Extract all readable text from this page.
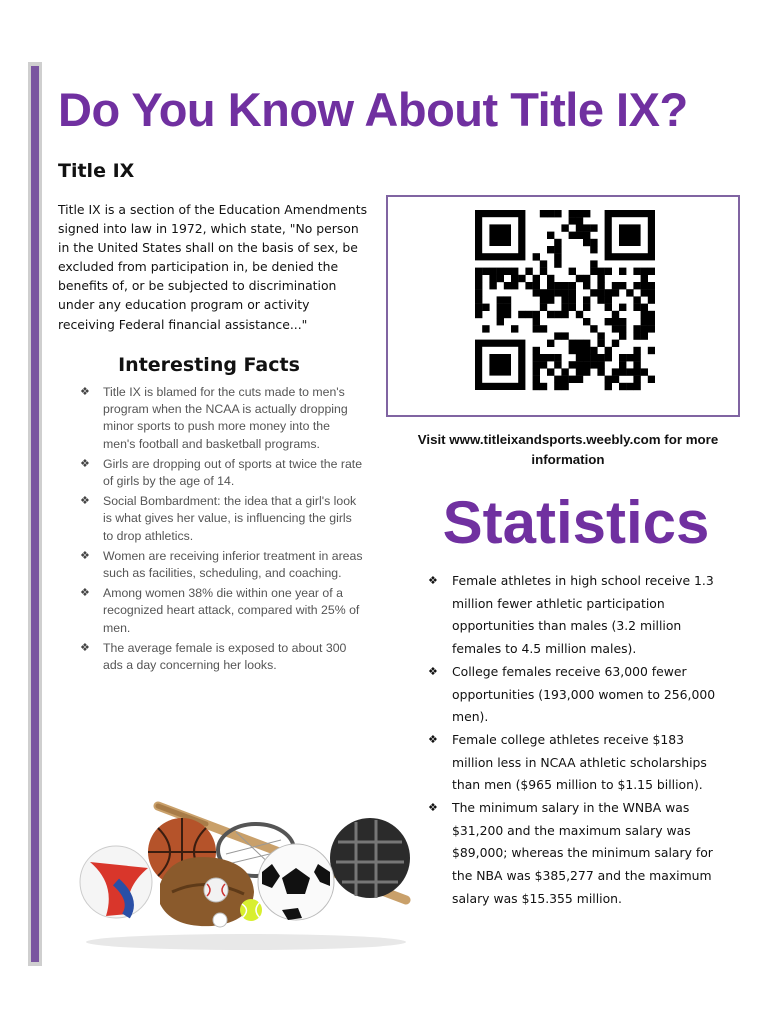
Do You Know About Title IX?
Title IX

Title IX is a section of the Education Amendments signed into law in 1972, which state, "No person in the United States shall on the basis of sex, be excluded from participation in, be denied the benefits of, or be subjected to discrimination under any education program or activity receiving Federal financial assistance..."

Interesting Facts
❖ Title IX is blamed for the cuts made to men's program when the NCAA is actually dropping minor sports to push more money into the men's football and basketball programs.
❖ Girls are dropping out of sports at twice the rate of girls by the age of 14.
❖ Social Bombardment: the idea that a girl's look is what gives her value, is influencing the girls to drop athletics.
❖ Women are receiving inferior treatment in areas such as facilities, scheduling, and coaching.
❖ Among women 38% die within one year of a recognized heart attack, compared with 25% of men.
❖ The average female is exposed to about 300 ads a day concerning her looks.

Visit www.titleixandsports.weebly.com for more information

Statistics
❖ Female athletes in high school receive 1.3 million fewer athletic participation opportunities than males (3.2 million females to 4.5 million males).
❖ College females receive 63,000 fewer opportunities (193,000 women to 256,000 men).
❖ Female college athletes receive $183 million less in NCAA athletic scholarships than men ($965 million to $1.15 billion).
❖ The minimum salary in the WNBA was $31,200 and the maximum salary was $89,000; whereas the minimum salary for the NBA was $385,277 and the maximum salary was $15.355 million.
